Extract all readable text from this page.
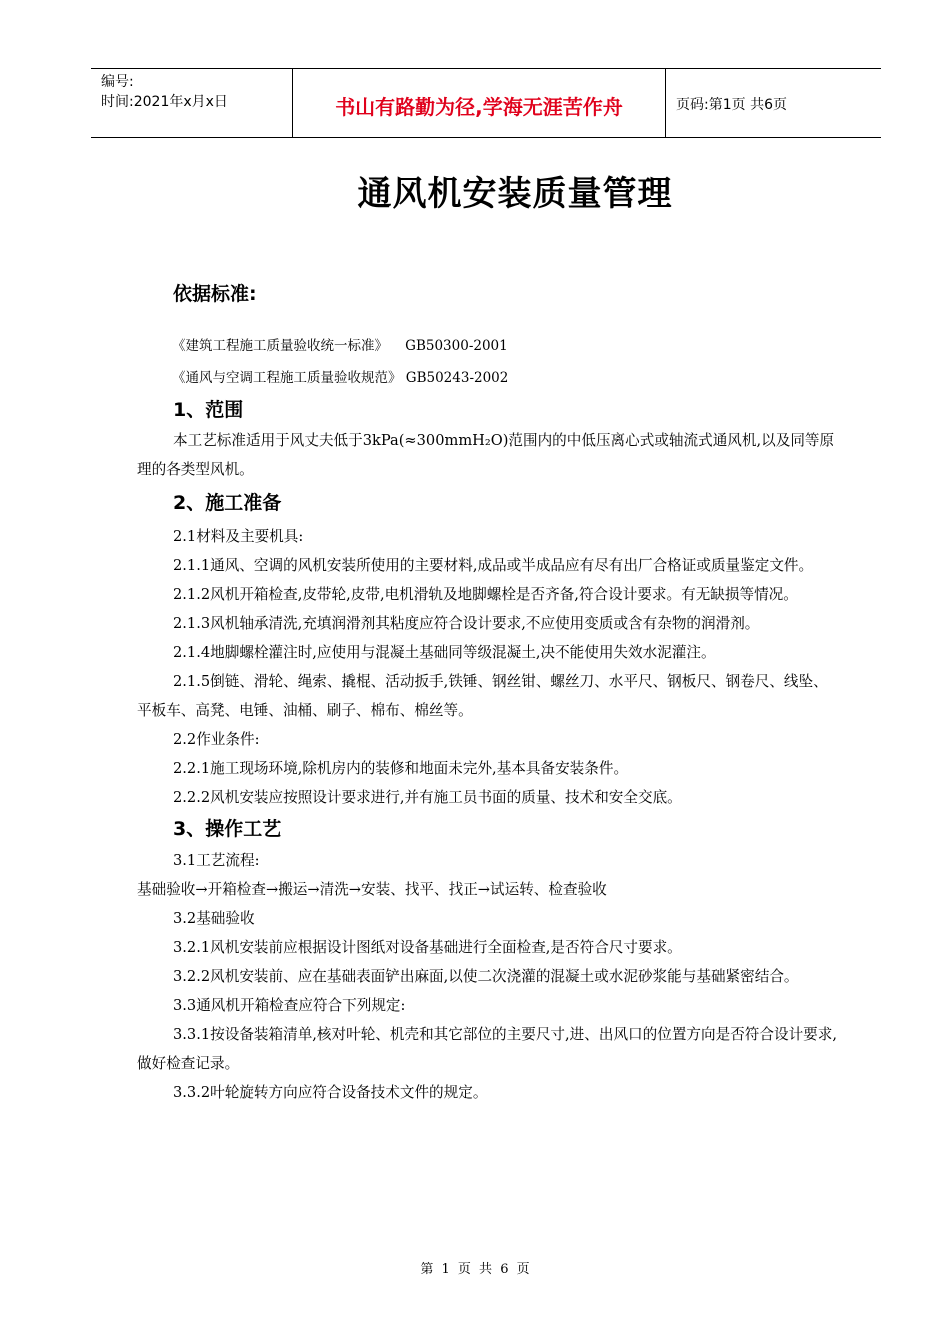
编号:
时间:2021年x月x日	书山有路勤为径,学海无涯苦作舟	页码:第1页 共6页
通风机安装质量管理
依据标准:
《建筑工程施工质量验收统一标准》    GB50300-2001
《通风与空调工程施工质量验收规范》 GB50243-2002
1、范围

本工艺标准适用于风丈夫低于3kPa(≈300mmH₂O)范围内的中低压离心式或轴流式通风机,以及同等原理的各类型风机。

2、施工准备

2.1材料及主要机具:

2.1.1通风、空调的风机安装所使用的主要材料,成品或半成品应有尽有出厂合格证或质量鉴定文件。

2.1.2风机开箱检查,皮带轮,皮带,电机滑轨及地脚螺栓是否齐备,符合设计要求。有无缺损等情况。

2.1.3风机轴承清洗,充填润滑剂其粘度应符合设计要求,不应使用变质或含有杂物的润滑剂。

2.1.4地脚螺栓灌注时,应使用与混凝土基础同等级混凝土,决不能使用失效水泥灌注。

2.1.5倒链、滑轮、绳索、撬棍、活动扳手,铁锤、钢丝钳、螺丝刀、水平尺、钢板尺、钢卷尺、线坠、平板车、高凳、电锤、油桶、刷子、棉布、棉丝等。

2.2作业条件:

2.2.1施工现场环境,除机房内的装修和地面未完外,基本具备安装条件。

2.2.2风机安装应按照设计要求进行,并有施工员书面的质量、技术和安全交底。

3、操作工艺

3.1工艺流程:

基础验收→开箱检查→搬运→清洗→安装、找平、找正→试运转、检查验收

3.2基础验收

3.2.1风机安装前应根据设计图纸对设备基础进行全面检查,是否符合尺寸要求。

3.2.2风机安装前、应在基础表面铲出麻面,以使二次浇灌的混凝土或水泥砂浆能与基础紧密结合。

3.3通风机开箱检查应符合下列规定:

3.3.1按设备装箱清单,核对叶轮、机壳和其它部位的主要尺寸,进、出风口的位置方向是否符合设计要求,做好检查记录。

3.3.2叶轮旋转方向应符合设备技术文件的规定。

第 1 页 共 6 页
